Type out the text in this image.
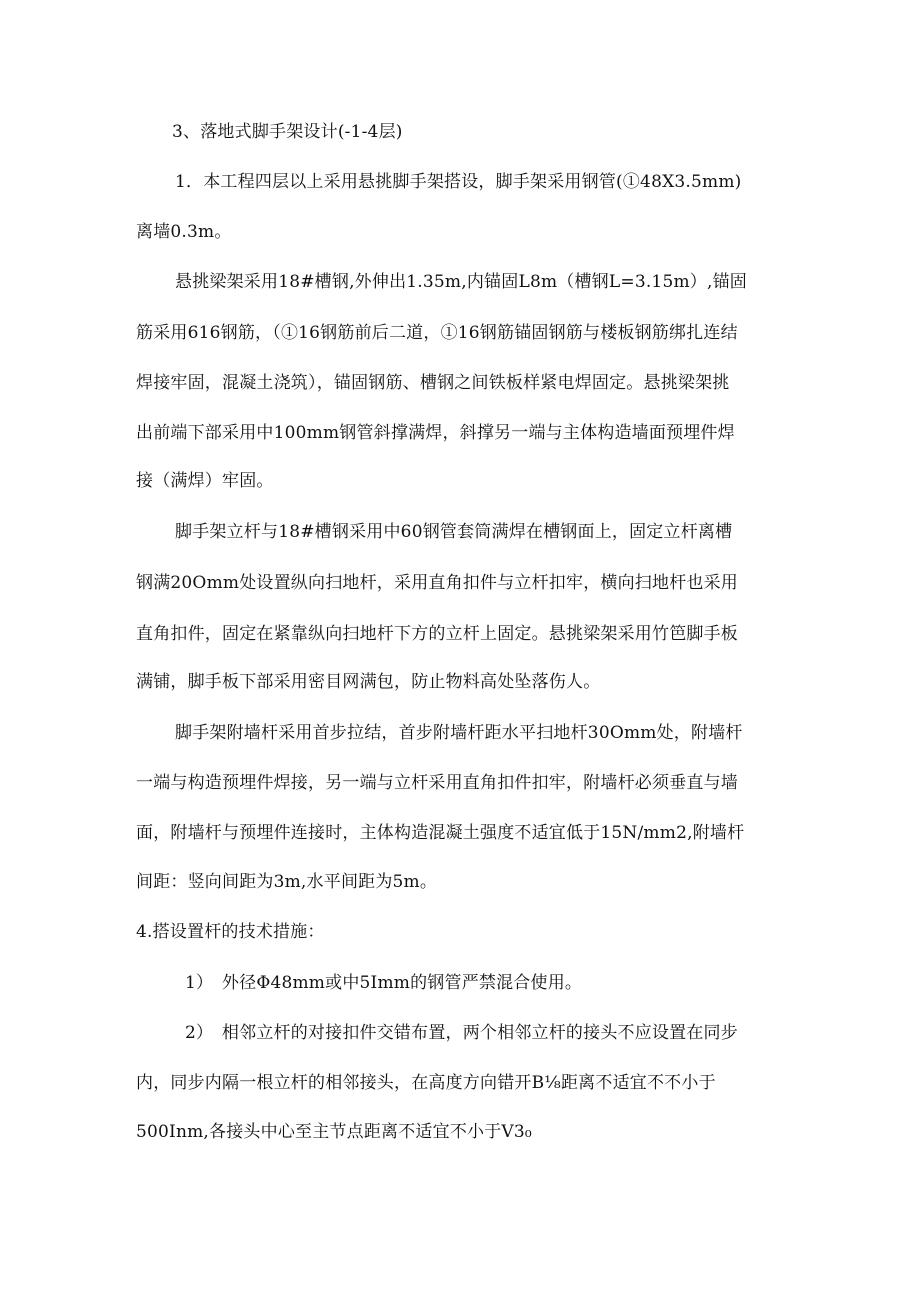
3、落地式脚手架设计(-1-4层)
1．本工程四层以上采用悬挑脚手架搭设，脚手架采用钢管(①48X3.5mm)
离墙0.3m。
悬挑梁架采用18#槽钢,外伸出1.35m,内锚固L8m（槽钢L=3.15m）,锚固
筋采用616钢筋，（①16钢筋前后二道，①16钢筋锚固钢筋与楼板钢筋绑扎连结
焊接牢固，混凝土浇筑），锚固钢筋、槽钢之间铁板样紧电焊固定。悬挑梁架挑
出前端下部采用中100mm钢管斜撑满焊，斜撑另一端与主体构造墙面预埋件焊
接（满焊）牢固。
脚手架立杆与18#槽钢采用中60钢管套筒满焊在槽钢面上，固定立杆离槽
钢满20Omm处设置纵向扫地杆，采用直角扣件与立杆扣牢，横向扫地杆也采用
直角扣件，固定在紧靠纵向扫地杆下方的立杆上固定。悬挑梁架采用竹笆脚手板
满铺，脚手板下部采用密目网满包，防止物料高处坠落伤人。
脚手架附墙杆采用首步拉结，首步附墙杆距水平扫地杆30Omm处，附墙杆
一端与构造预埋件焊接，另一端与立杆采用直角扣件扣牢，附墙杆必须垂直与墙
面，附墙杆与预埋件连接时，主体构造混凝土强度不适宜低于15N∕mm2,附墙杆
间距：竖向间距为3m,水平间距为5m。
4.搭设置杆的技术措施：
1）　外径Φ48mm或中5Imm的钢管严禁混合使用。
2）　相邻立杆的对接扣件交错布置，两个相邻立杆的接头不应设置在同步
内，同步内隔一根立杆的相邻接头，在高度方向错开B⅛距离不适宜不不小于
500Inm,各接头中心至主节点距离不适宜不小于V3₀
